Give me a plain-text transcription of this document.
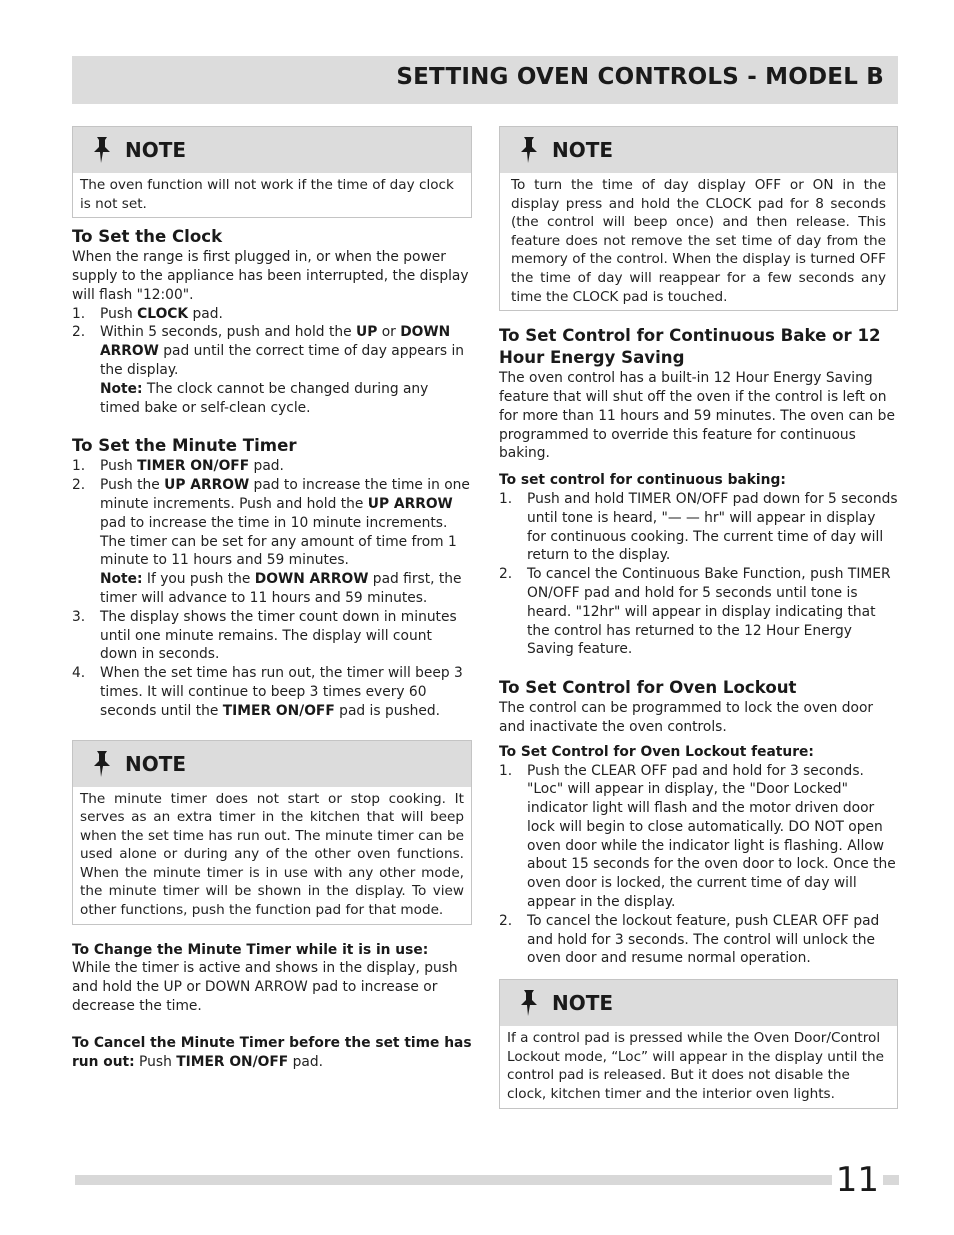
SETTING OVEN CONTROLS - MODEL B
NOTE
The oven function will not work if the time of day clock is not set.
To Set the Clock

When the range is first plugged in, or when the power supply to the appliance has been interrupted, the display will flash "12:00".

1. Push CLOCK pad.
2. Within 5 seconds, push and hold the UP or DOWN ARROW pad until the correct time of day appears in the display.
Note: The clock cannot be changed during any timed bake or self-clean cycle.
To Set the Minute Timer
1. Push TIMER ON/OFF pad.
2. Push the UP ARROW pad to increase the time in one minute increments. Push and hold the UP ARROW pad to increase the time in 10 minute increments. The timer can be set for any amount of time from 1 minute to 11 hours and 59 minutes.
Note: If you push the DOWN ARROW pad first, the timer will advance to 11 hours and 59 minutes.
3. The display shows the timer count down in minutes until one minute remains. The display will count down in seconds.
4. When the set time has run out, the timer will beep 3 times. It will continue to beep 3 times every 60 seconds until the TIMER ON/OFF pad is pushed.
NOTE
The minute timer does not start or stop cooking. It serves as an extra timer in the kitchen that will beep when the set time has run out. The minute timer can be used alone or during any of the other oven functions. When the minute timer is in use with any other mode, the minute timer will be shown in the display. To view other functions, push the function pad for that mode.

To Change the Minute Timer while it is in use:

While the timer is active and shows in the display, push and hold the UP or DOWN ARROW pad to increase or decrease the time.

To Cancel the Minute Timer before the set time has run out: Push TIMER ON/OFF pad.

NOTE
To turn the time of day display OFF or ON in the display press and hold the CLOCK pad for 8 seconds (the control will beep once) and then release. This feature does not remove the set time of day from the memory of the control. When the display is turned OFF the time of day will reappear for a few seconds any time the CLOCK pad is touched.
To Set Control for Continuous Bake or 12 Hour Energy Saving

The oven control has a built-in 12 Hour Energy Saving feature that will shut off the oven if the control is left on for more than 11 hours and 59 minutes. The oven can be programmed to override this feature for continuous baking.

To set control for continuous baking:

1. Push and hold TIMER ON/OFF pad down for 5 seconds until tone is heard, "— — hr" will appear in display for continuous cooking. The current time of day will return to the display.
2. To cancel the Continuous Bake Function, push TIMER ON/OFF pad and hold for 5 seconds until tone is heard. "12hr" will appear in display indicating that the control has returned to the 12 Hour Energy Saving feature.
To Set Control for Oven Lockout

The control can be programmed to lock the oven door and inactivate the oven controls.

To Set Control for Oven Lockout feature:

1. Push the CLEAR OFF pad and hold for 3 seconds. "Loc" will appear in display, the "Door Locked" indicator light will flash and the motor driven door lock will begin to close automatically. DO NOT open oven door while the indicator light is flashing. Allow about 15 seconds for the oven door to lock. Once the oven door is locked, the current time of day will appear in the display.
2. To cancel the lockout feature, push CLEAR OFF pad and hold for 3 seconds. The control will unlock the oven door and resume normal operation.
NOTE
If a control pad is pressed while the Oven Door/Control Lockout mode, “Loc” will appear in the display until the control pad is released. But it does not disable the clock, kitchen timer and the interior oven lights.
11
